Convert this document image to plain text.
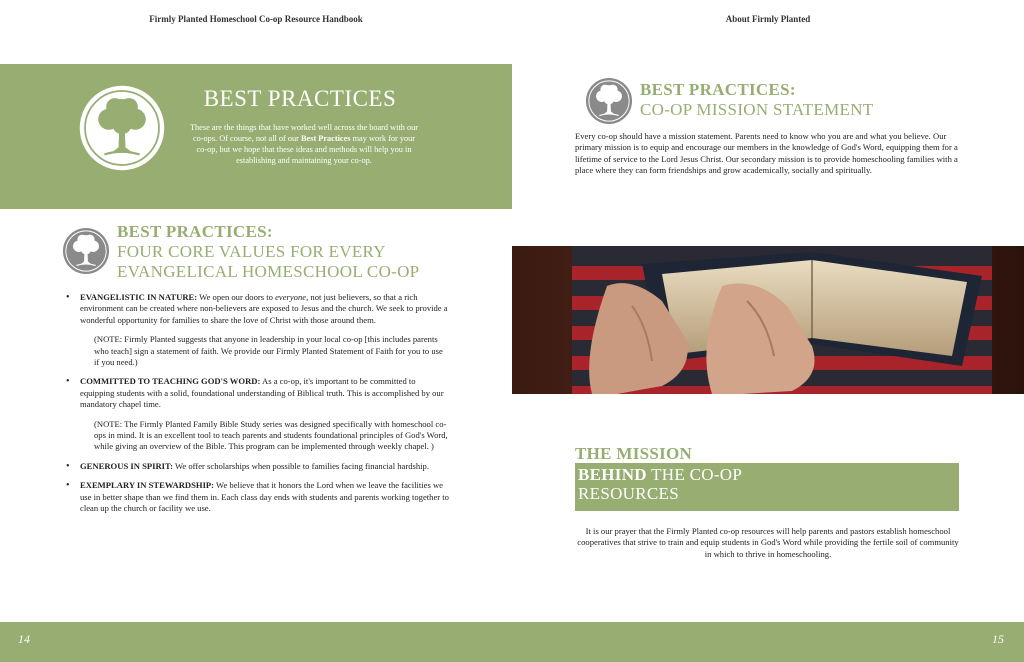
Firmly Planted Homeschool Co-op Resource Handbook	About Firmly Planted
BEST PRACTICES
These are the things that have worked well across the board with our co-ops. Of course, not all of our Best Practices may work for your co-op, but we hope that these ideas and methods will help you in establishing and maintaining your co-op.
BEST PRACTICES:
FOUR CORE VALUES FOR EVERY
EVANGELICAL HOMESCHOOL CO-OP
• EVANGELISTIC IN NATURE: We open our doors to everyone, not just believers, so that a rich environment can be created where non-believers are exposed to Jesus and the church. We seek to provide a wonderful opportunity for families to share the love of Christ with those around them.
(NOTE: Firmly Planted suggests that anyone in leadership in your local co-op [this includes parents who teach] sign a statement of faith. We provide our Firmly Planted Statement of Faith for you to use if you need.)
• COMMITTED TO TEACHING GOD'S WORD: As a co-op, it's important to be committed to equipping students with a solid, foundational understanding of Biblical truth. This is accomplished by our mandatory chapel time.
(NOTE: The Firmly Planted Family Bible Study series was designed specifically with homeschool co-ops in mind. It is an excellent tool to teach parents and students foundational principles of God's Word, while giving an overview of the Bible. This program can be implemented through weekly chapel. )
• GENEROUS IN SPIRIT: We offer scholarships when possible to families facing financial hardship.
• EXEMPLARY IN STEWARDSHIP: We believe that it honors the Lord when we leave the facilities we use in better shape than we find them in. Each class day ends with students and parents working together to clean up the church or facility we use.
BEST PRACTICES:
CO-OP MISSION STATEMENT
Every co-op should have a mission statement. Parents need to know who you are and what you believe. Our primary mission is to equip and encourage our members in the knowledge of God's Word, equipping them for a lifetime of service to the Lord Jesus Christ. Our secondary mission is to provide homeschooling families with a place where they can form friendships and grow academically, socially and spiritually.
THE MISSION
BEHIND THE CO-OP
RESOURCES
It is our prayer that the Firmly Planted co-op resources will help parents and pastors establish homeschool cooperatives that strive to train and equip students in God's Word while providing the fertile soil of community in which to thrive in homeschooling.
14	15
